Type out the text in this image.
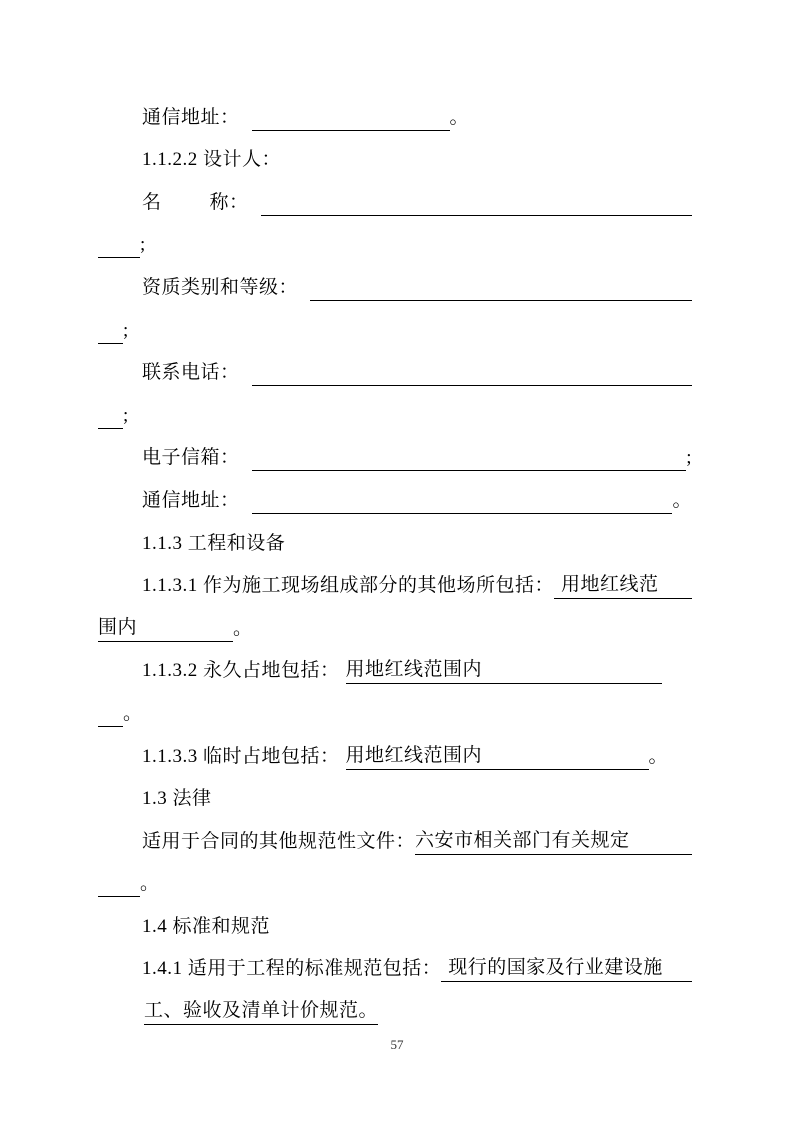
通信地址：	。
1.1.2.2 设计人：
名	称：
;
资质类别和等级：
;
联系电话：
;
电子信箱：	;
通信地址：	。
1.1.3 工程和设备
1.1.3.1 作为施工现场组成部分的其他场所包括： 用地红线范
围内	。
1.1.3.2 永久占地包括： 用地红线范围内
。
1.1.3.3 临时占地包括： 用地红线范围内	。
1.3 法律
适用于合同的其他规范性文件： 六安市相关部门有关规定
。
1.4 标准和规范
1.4.1 适用于工程的标准规范包括： 现行的国家及行业建设施
工、验收及清单计价规范。
57
